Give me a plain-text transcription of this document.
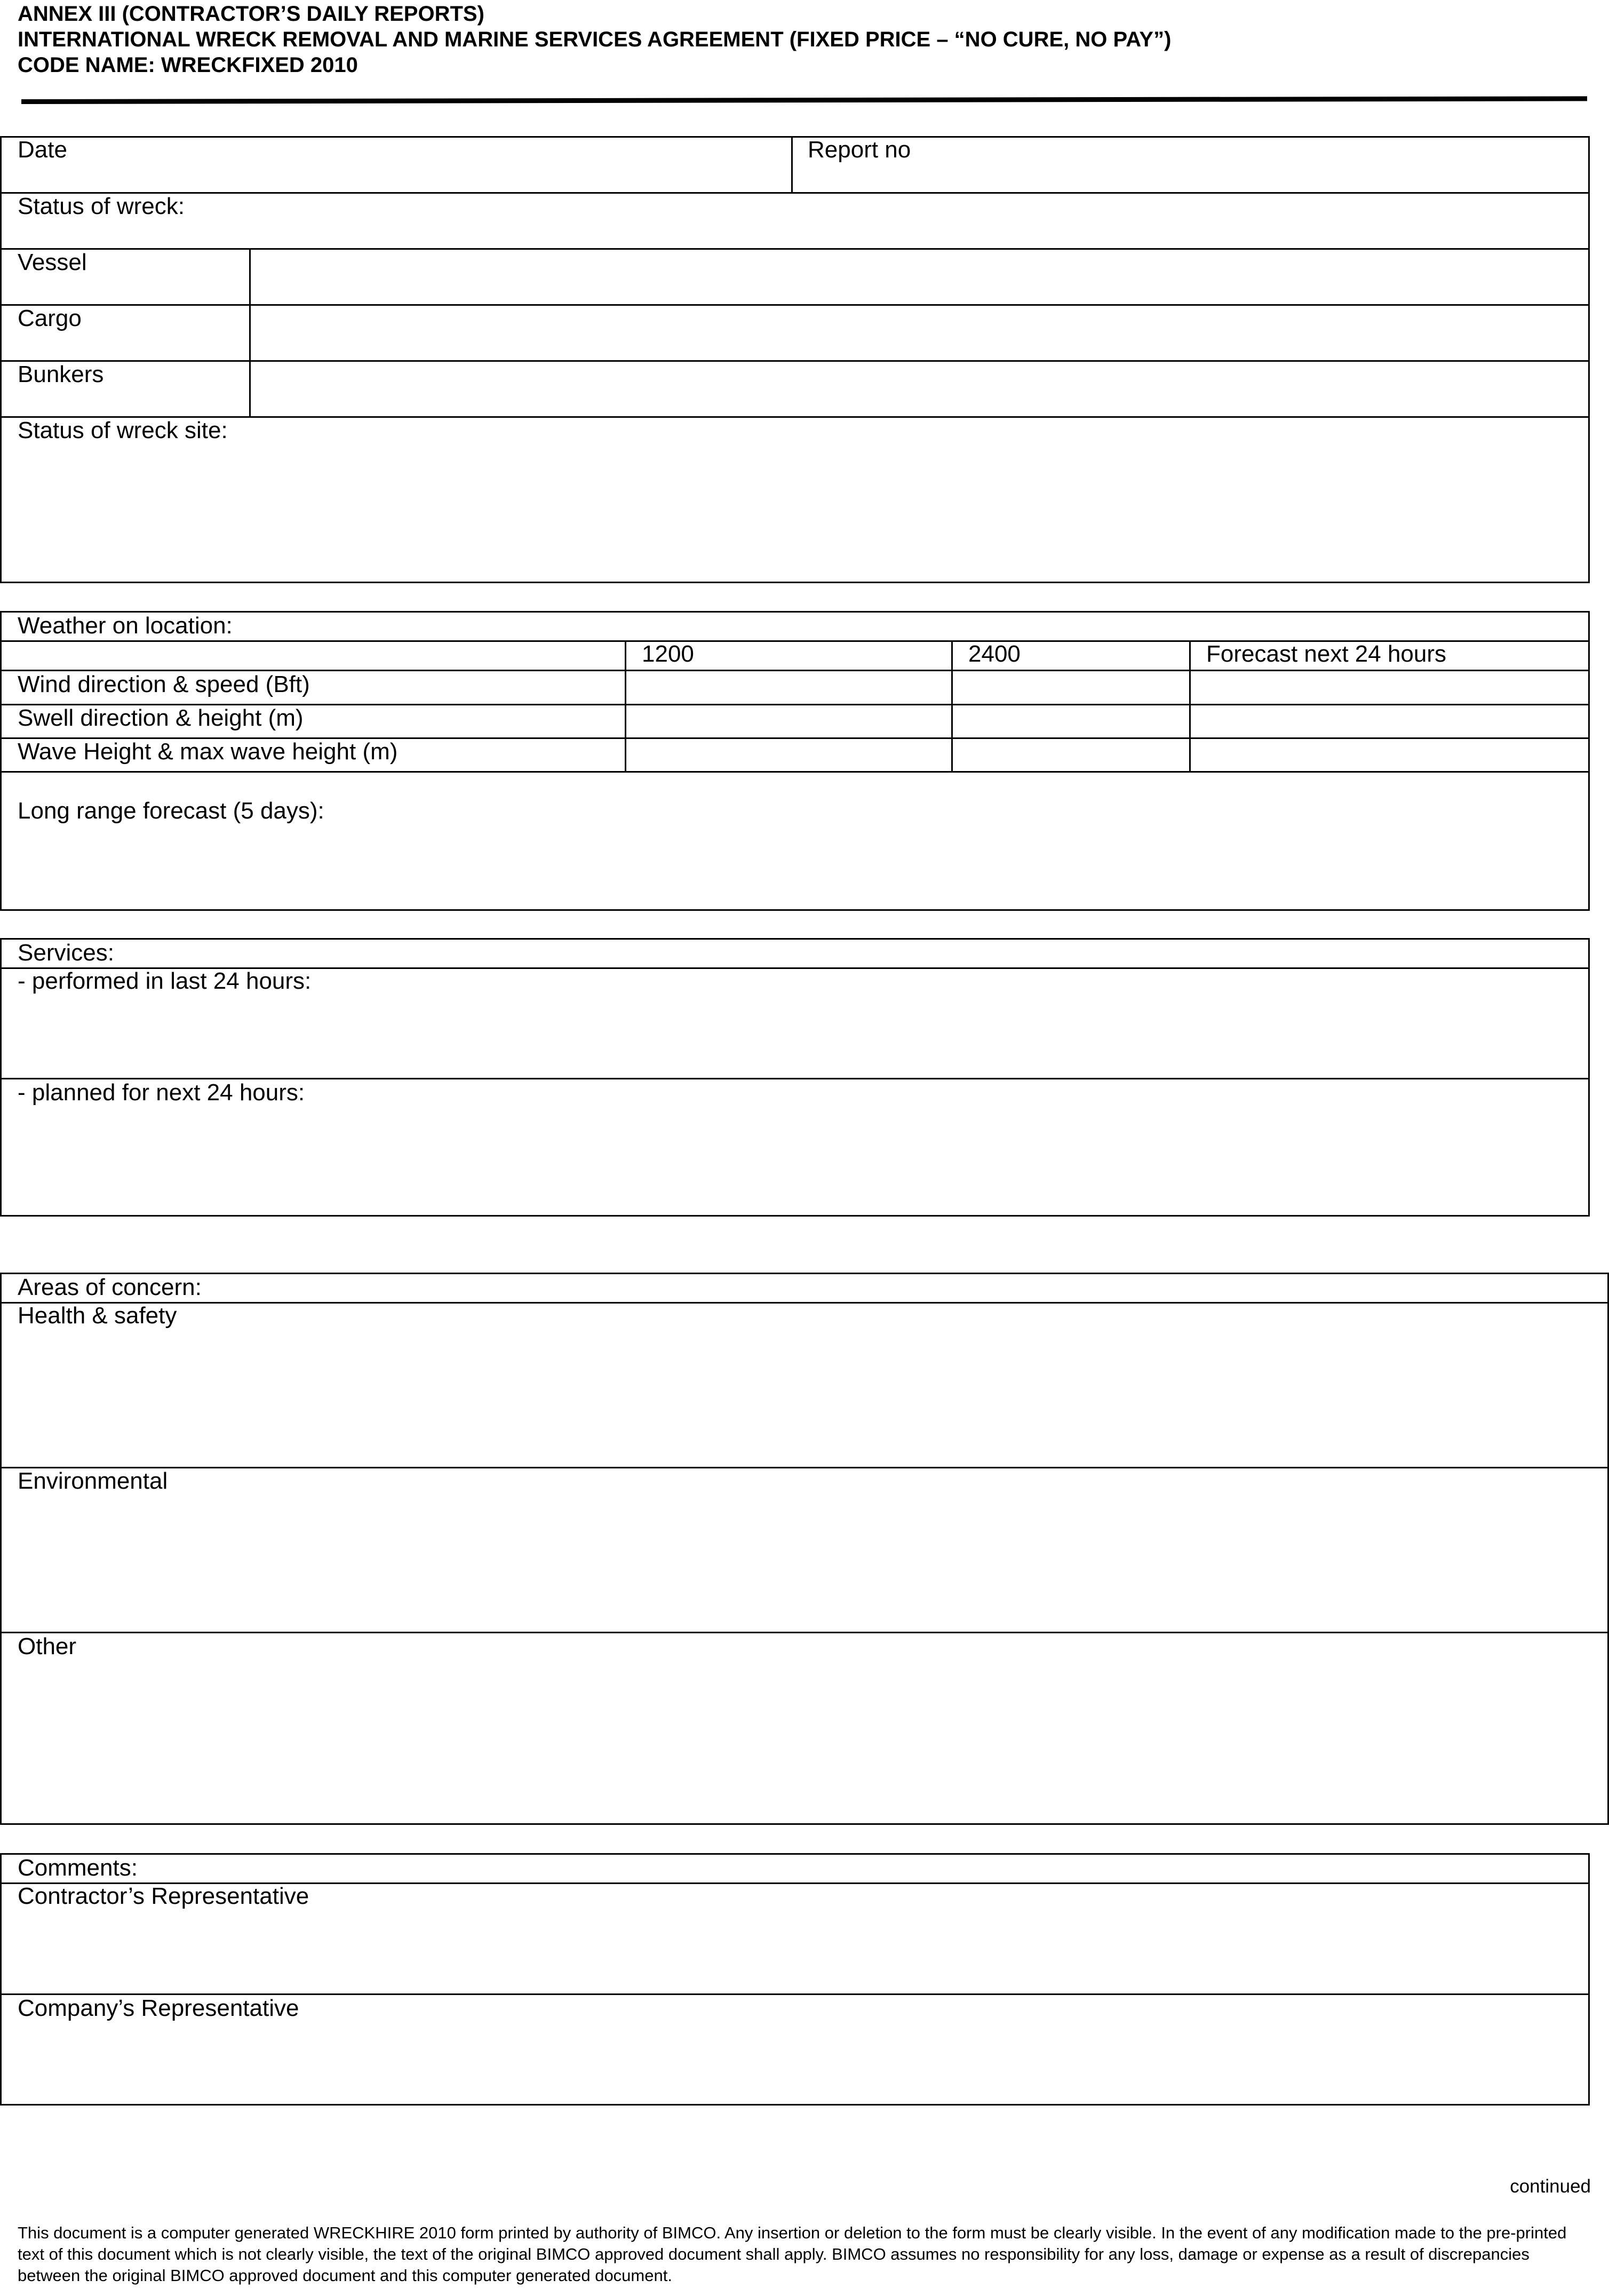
ANNEX III (CONTRACTOR’S DAILY REPORTS)
INTERNATIONAL WRECK REMOVAL AND MARINE SERVICES AGREEMENT (FIXED PRICE – “NO CURE, NO PAY”)
CODE NAME: WRECKFIXED 2010
Date	Report no
Status of wreck:
Vessel
Cargo
Bunkers
Status of wreck site:
Weather on location:
1200	2400	Forecast next 24 hours
Wind direction & speed (Bft)
Swell direction & height (m)
Wave Height & max wave height (m)
Long range forecast (5 days):
Services:
- performed in last 24 hours:
- planned for next 24 hours:
Areas of concern:
Health & safety
Environmental
Other
Comments:
Contractor’s Representative
Company’s Representative
continued
This document is a computer generated WRECKHIRE 2010 form printed by authority of BIMCO. Any insertion or deletion to the form must be clearly visible. In the event of any modification made to the pre-printed text of this document which is not clearly visible, the text of the original BIMCO approved document shall apply. BIMCO assumes no responsibility for any loss, damage or expense as a result of discrepancies between the original BIMCO approved document and this computer generated document.
